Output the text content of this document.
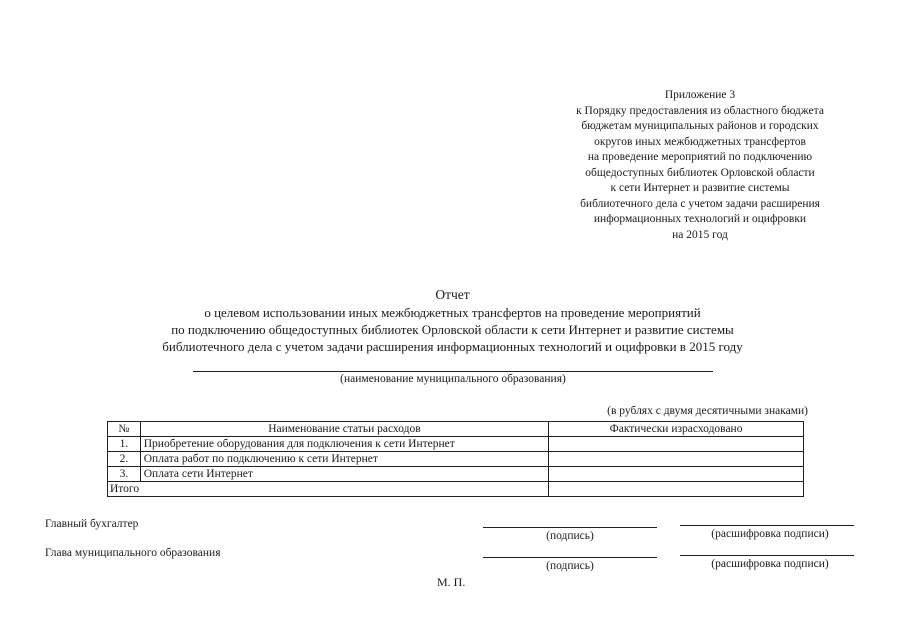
Приложение 3
к Порядку предоставления из областного бюджета
бюджетам муниципальных районов и городских
округов иных межбюджетных трансфертов
на проведение мероприятий по подключению
общедоступных библиотек Орловской области
к сети Интернет и развитие системы
библиотечного дела с учетом задачи расширения
информационных технологий и оцифровки
на 2015 год
Отчет
о целевом использовании иных межбюджетных трансфертов на проведение мероприятий
по подключению общедоступных библиотек Орловской области к сети Интернет и развитие системы
библиотечного дела с учетом задачи расширения информационных технологий и оцифровки в 2015 году
(наименование муниципального образования)
(в рублях с двумя десятичными знаками)
№	Наименование статьи расходов	Фактически израсходовано
1.	Приобретение оборудования для подключения к сети Интернет	
2.	Оплата работ по подключению к сети Интернет	
3.	Оплата сети Интернет	
Итого		
Главный бухгалтер
(подпись)	(расшифровка подписи)
Глава муниципального образования
(подпись)	(расшифровка подписи)
М. П.
